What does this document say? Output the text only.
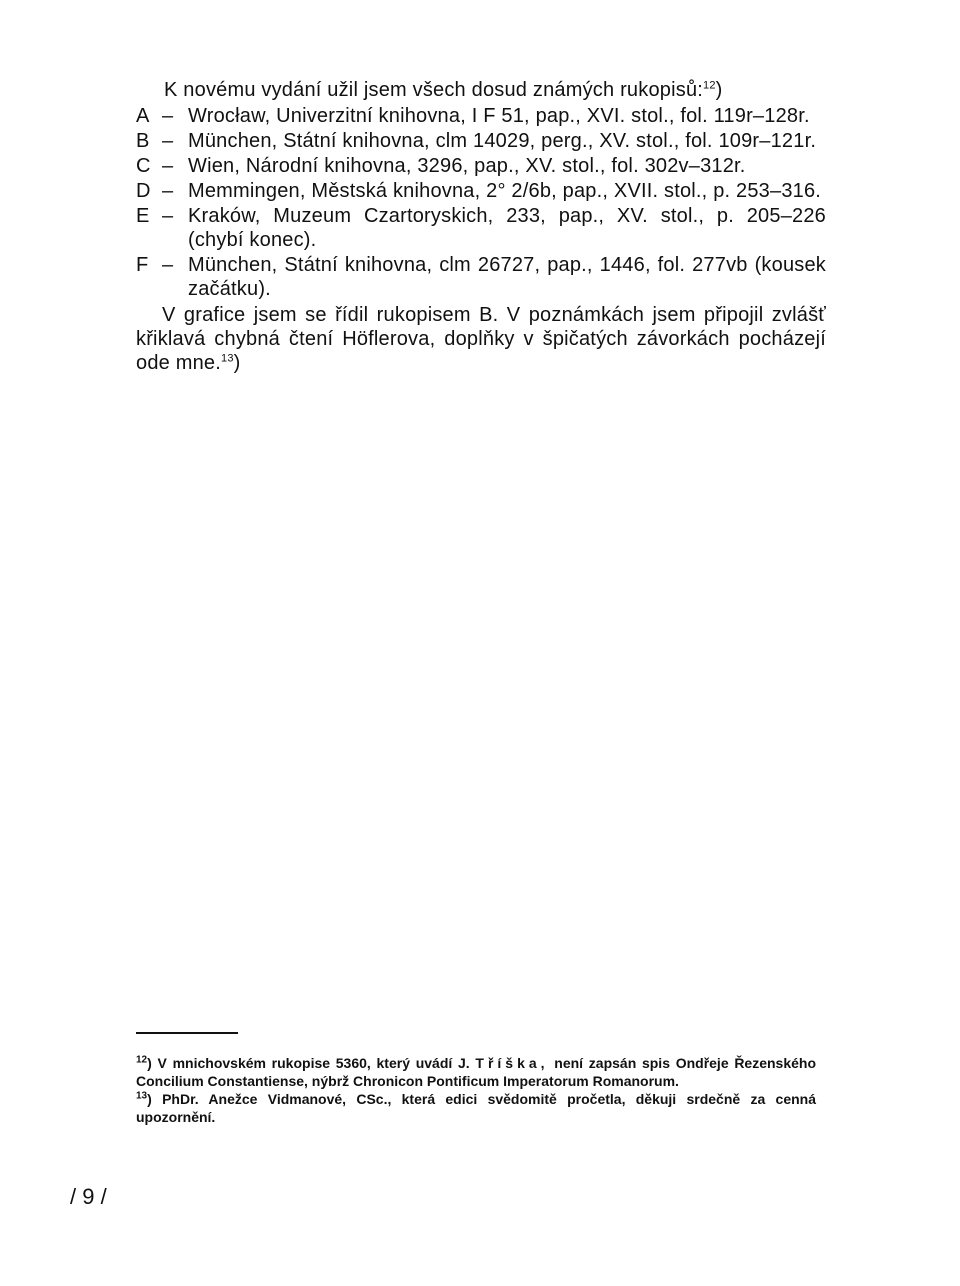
K novému vydání užil jsem všech dosud známých rukopisů:$^{12}$)

A – Wrocław, Univerzitní knihovna, I F 51, pap., XVI. stol., fol. 119r–128r.
B – München, Státní knihovna, clm 14029, perg., XV. stol., fol. 109r–121r.
C – Wien, Národní knihovna, 3296, pap., XV. stol., fol. 302v–312r.
D – Memmingen, Městská knihovna, 2° 2/6b, pap., XVII. stol., p. 253–316.
E – Kraków, Muzeum Czartoryskich, 233, pap., XV. stol., p. 205–226 (chybí konec).
F – München, Státní knihovna, clm 26727, pap., 1446, fol. 277vb (kousek začátku).

V grafice jsem se řídil rukopisem B. V poznámkách jsem připojil zvlášť křiklavá chybná čtení Höflerova, doplňky v špičatých závorkách pocházejí ode mne.$^{13}$)

$^{12}$) V mnichovském rukopise 5360, který uvádí J. Tříška, není zapsán spis Ondřeje Řezenského Concilium Constantiense, nýbrž Chronicon Pontificum Imperatorum Romanorum.

$^{13}$) PhDr. Anežce Vidmanové, CSc., která edici svědomitě pročetla, děkuji srdečně za cenná upozornění.

/ 9 /
